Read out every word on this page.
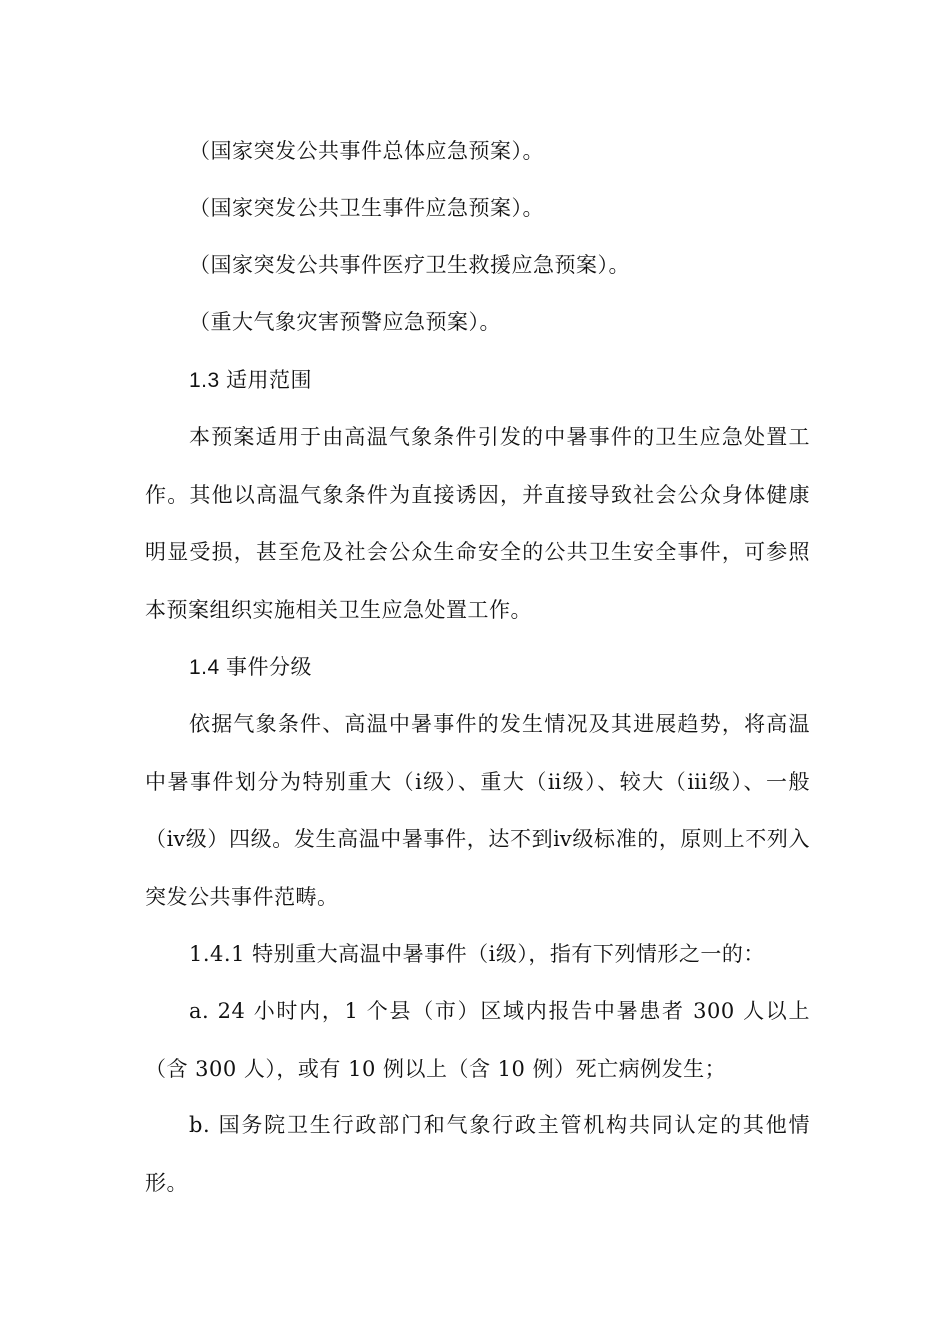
（国家突发公共事件总体应急预案）。
（国家突发公共卫生事件应急预案）。
（国家突发公共事件医疗卫生救援应急预案）。
（重大气象灾害预警应急预案）。
1.3 适用范围
本预案适用于由高温气象条件引发的中暑事件的卫生应急处置工作。其他以高温气象条件为直接诱因，并直接导致社会公众身体健康明显受损，甚至危及社会公众生命安全的公共卫生安全事件，可参照本预案组织实施相关卫生应急处置工作。
1.4 事件分级
依据气象条件、高温中暑事件的发生情况及其进展趋势，将高温中暑事件划分为特别重大（ⅰ级）、重大（ⅱ级）、较大（ⅲ级）、一般（ⅳ级）四级。发生高温中暑事件，达不到ⅳ级标准的，原则上不列入突发公共事件范畴。
1.4.1 特别重大高温中暑事件（ⅰ级），指有下列情形之一的：
a. 24 小时内，1 个县（市）区域内报告中暑患者 300 人以上（含 300 人），或有 10 例以上（含 10 例）死亡病例发生；
b. 国务院卫生行政部门和气象行政主管机构共同认定的其他情形。
